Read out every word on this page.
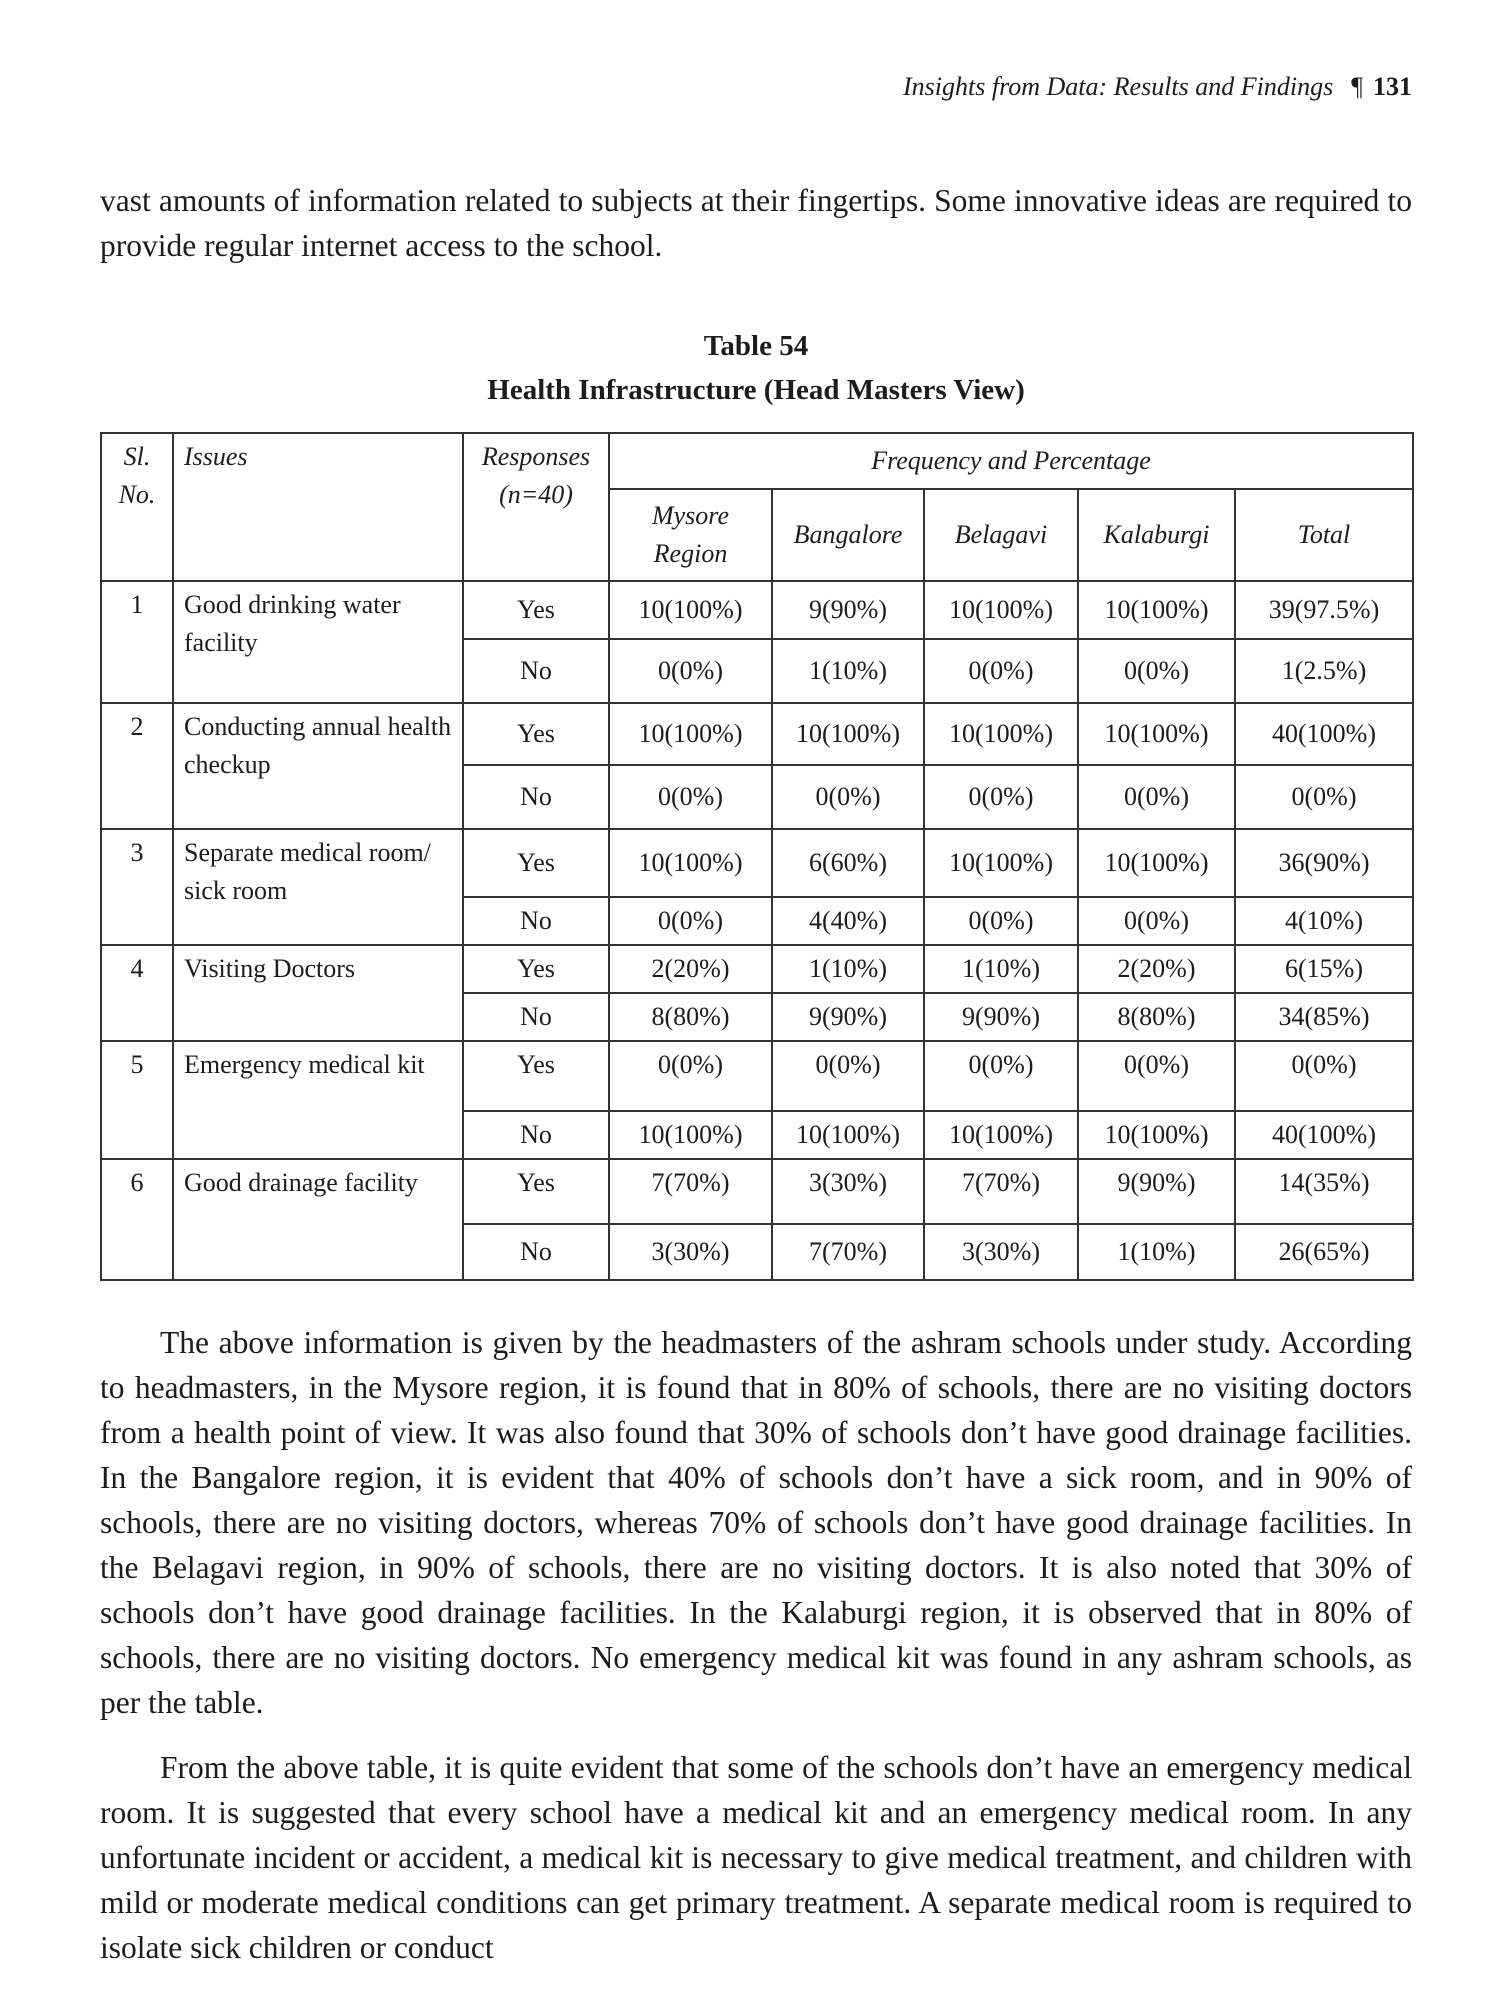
Insights from Data: Results and Findings ¶ 131

vast amounts of information related to subjects at their fingertips. Some innovative ideas are required to provide regular internet access to the school.

Table 54
Health Infrastructure (Head Masters View)
Sl. No.	Issues	Responses (n=40)	Frequency and Percentage				
			Mysore Region	Bangalore	Belagavi	Kalaburgi	Total
1	Good drinking water facility	Yes	10(100%)	9(90%)	10(100%)	10(100%)	39(97.5%)
		No	0(0%)	1(10%)	0(0%)	0(0%)	1(2.5%)
2	Conducting annual health checkup	Yes	10(100%)	10(100%)	10(100%)	10(100%)	40(100%)
		No	0(0%)	0(0%)	0(0%)	0(0%)	0(0%)
3	Separate medical room/ sick room	Yes	10(100%)	6(60%)	10(100%)	10(100%)	36(90%)
		No	0(0%)	4(40%)	0(0%)	0(0%)	4(10%)
4	Visiting Doctors	Yes	2(20%)	1(10%)	1(10%)	2(20%)	6(15%)
		No	8(80%)	9(90%)	9(90%)	8(80%)	34(85%)
5	Emergency medical kit	Yes	0(0%)	0(0%)	0(0%)	0(0%)	0(0%)
		No	10(100%)	10(100%)	10(100%)	10(100%)	40(100%)
6	Good drainage facility	Yes	7(70%)	3(30%)	7(70%)	9(90%)	14(35%)
		No	3(30%)	7(70%)	3(30%)	1(10%)	26(65%)

The above information is given by the headmasters of the ashram schools under study. According to headmasters, in the Mysore region, it is found that in 80% of schools, there are no visiting doctors from a health point of view. It was also found that 30% of schools don’t have good drainage facilities. In the Bangalore region, it is evident that 40% of schools don’t have a sick room, and in 90% of schools, there are no visiting doctors, whereas 70% of schools don’t have good drainage facilities. In the Belagavi region, in 90% of schools, there are no visiting doctors. It is also noted that 30% of schools don’t have good drainage facilities. In the Kalaburgi region, it is observed that in 80% of schools, there are no visiting doctors. No emergency medical kit was found in any ashram schools, as per the table.

From the above table, it is quite evident that some of the schools don’t have an emergency medical room. It is suggested that every school have a medical kit and an emergency medical room. In any unfortunate incident or accident, a medical kit is necessary to give medical treatment, and children with mild or moderate medical conditions can get primary treatment. A separate medical room is required to isolate sick children or conduct
